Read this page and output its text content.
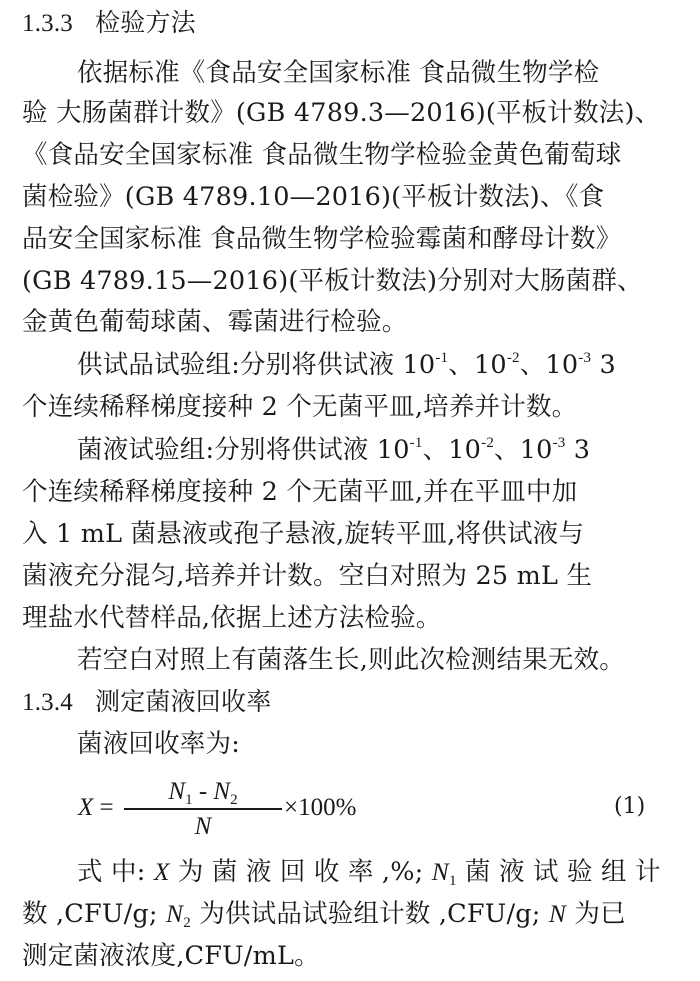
1.3.3 检验方法
依据标准《食品安全国家标准 食品微生物学检
验 大肠菌群计数》(GB 4789.3—2016)(平板计数法)、
《食品安全国家标准 食品微生物学检验金黄色葡萄球
菌检验》(GB 4789.10—2016)(平板计数法)、《食
品安全国家标准 食品微生物学检验霉菌和酵母计数》
(GB 4789.15—2016)(平板计数法)分别对大肠菌群、
金黄色葡萄球菌、霉菌进行检验。
供试品试验组:分别将供试液 $10^{-1}$、$10^{-2}$、$10^{-3}$ 3
个连续稀释梯度接种 2 个无菌平皿,培养并计数。
菌液试验组:分别将供试液 $10^{-1}$、$10^{-2}$、$10^{-3}$ 3
个连续稀释梯度接种 2 个无菌平皿,并在平皿中加
入 1 mL 菌悬液或孢子悬液,旋转平皿,将供试液与
菌液充分混匀,培养并计数。空白对照为 25 mL 生
理盐水代替样品,依据上述方法检验。
若空白对照上有菌落生长,则此次检测结果无效。
1.3.4 测定菌液回收率
菌液回收率为:
X =
$N_1 - N_2$
N
×100%	(1)
式 中: X 为 菌 液 回 收 率 ,%; $N_1$ 菌 液 试 验 组 计
数 ,CFU/g; $N_2$ 为供试品试验组计数 ,CFU/g; N 为已
测定菌液浓度,CFU/mL。
